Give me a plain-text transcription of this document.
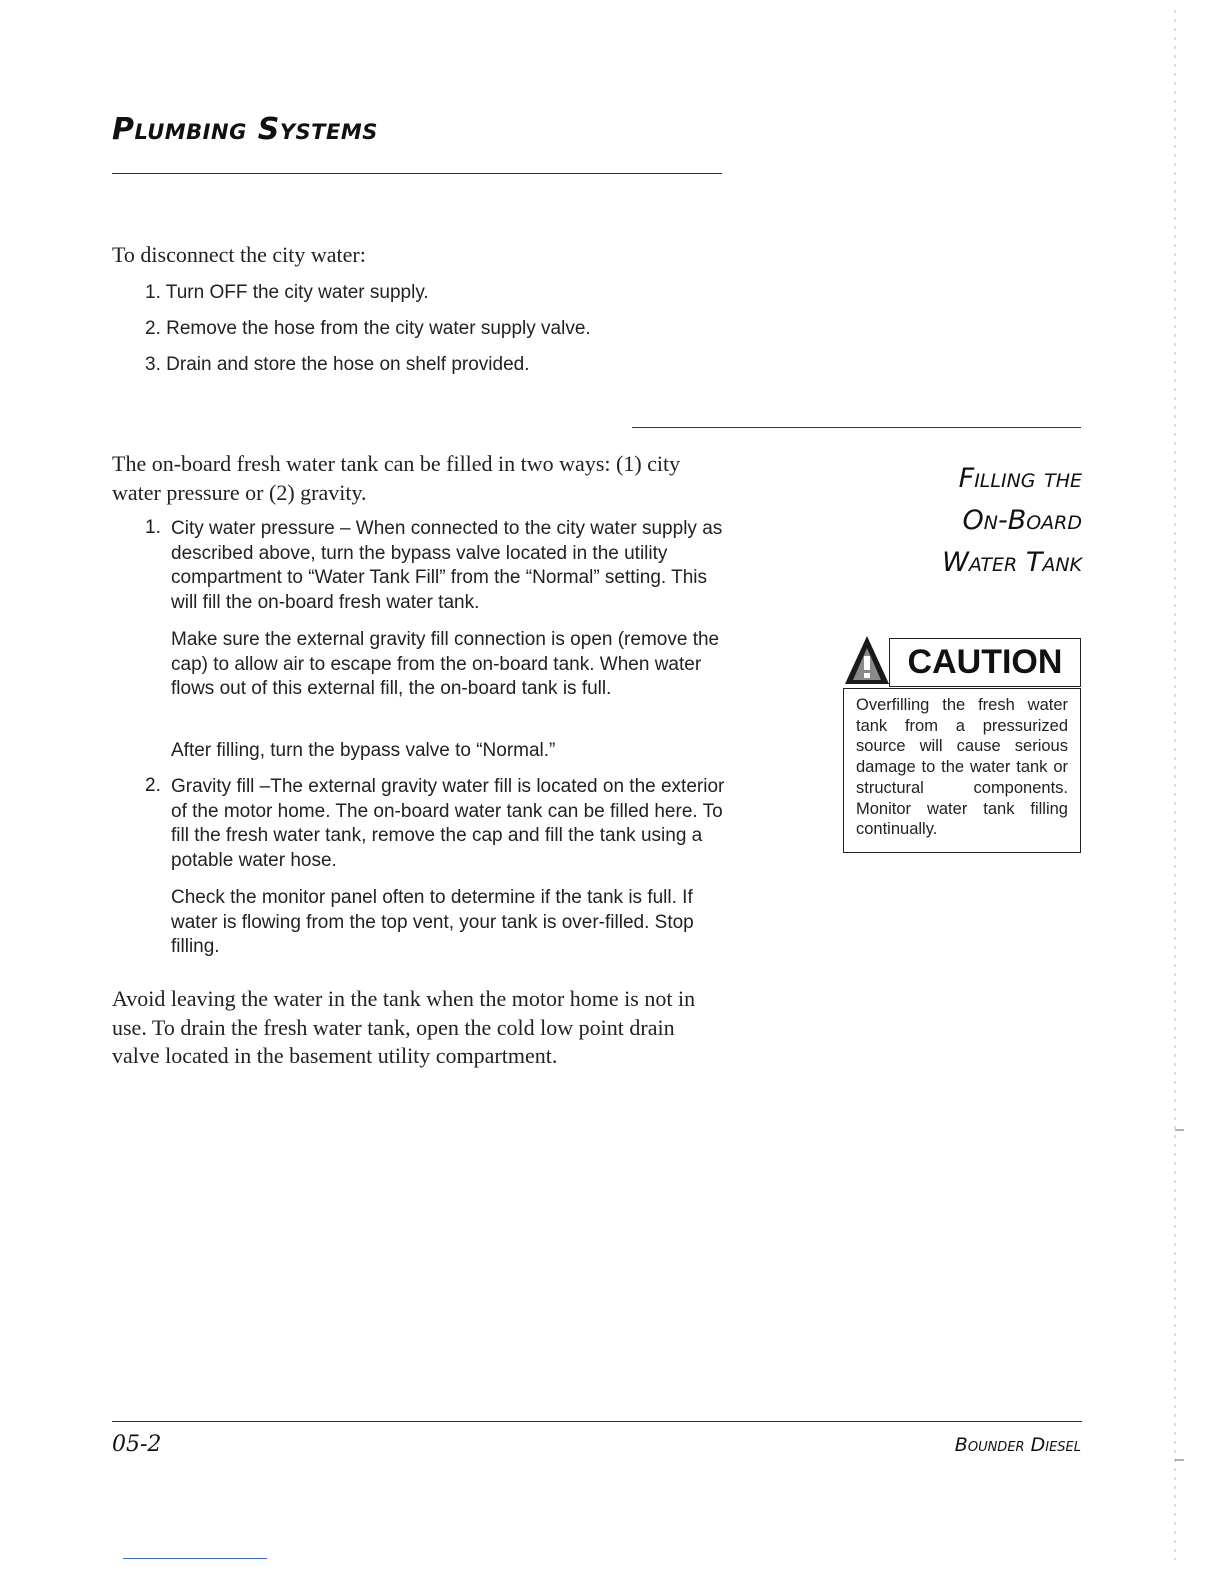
Plumbing Systems
To disconnect the city water:
1. Turn OFF the city water supply.
2. Remove the hose from the city water supply valve.
3. Drain and store the hose on shelf provided.
Filling the
On-Board
Water Tank
The on-board fresh water tank can be filled in two ways: (1) city water pressure or (2) gravity.
1. City water pressure – When connected to the city water supply as described above, turn the bypass valve located in the utility compartment to “Water Tank Fill” from the “Normal” setting. This will fill the on-board fresh water tank.
Make sure the external gravity fill connection is open (remove the cap) to allow air to escape from the on-board tank. When water flows out of this external fill, the on-board tank is full.
After filling, turn the bypass valve to “Normal.”
2. Gravity fill –The external gravity water fill is located on the exterior of the motor home. The on-board water tank can be filled here. To fill the fresh water tank, remove the cap and fill the tank using a potable water hose.
Check the monitor panel often to determine if the tank is full. If water is flowing from the top vent, your tank is over-filled. Stop filling.
Avoid leaving the water in the tank when the motor home is not in use. To drain the fresh water tank, open the cold low point drain valve located in the basement utility compartment.
CAUTION
Overfilling the fresh water tank from a pressurized source will cause serious damage to the water tank or structural components. Monitor water tank filling continually.
05-2	Bounder Diesel
